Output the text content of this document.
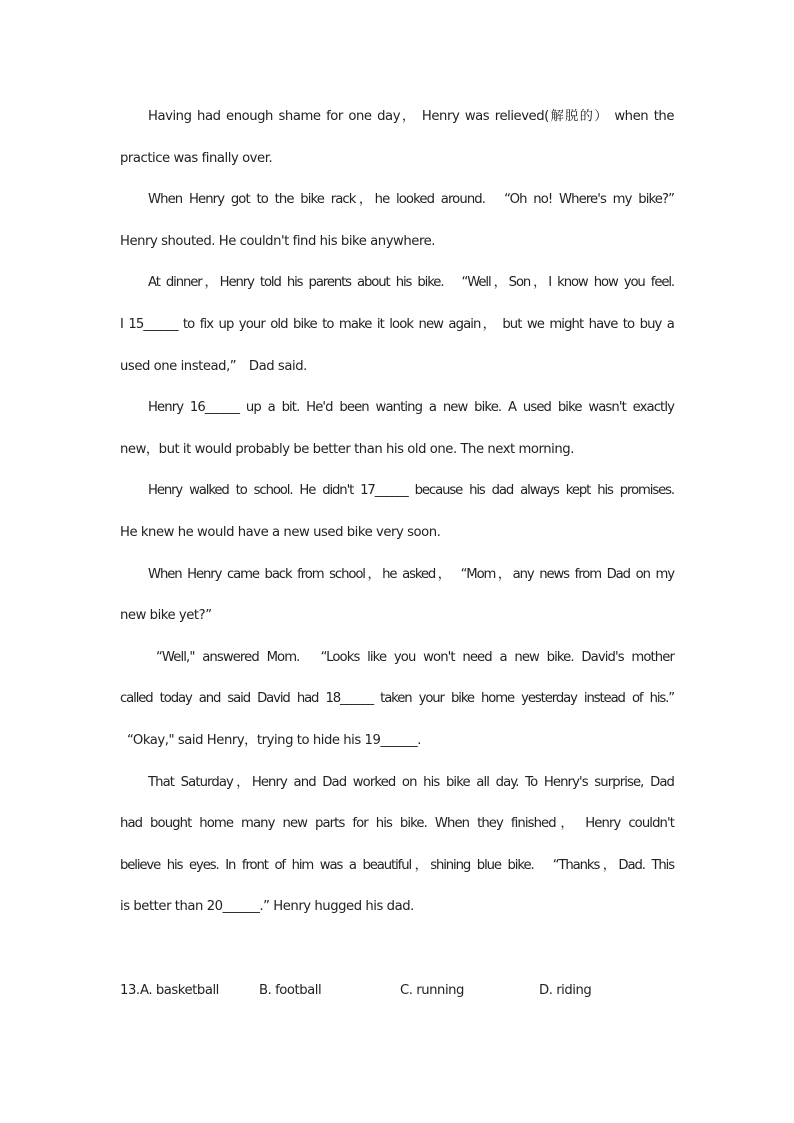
Having had enough shame for one day， Henry was relieved(解脱的） when the
practice was finally over.
When Henry got to the bike rack，he looked around.　“Oh no! Where's my bike?”
Henry shouted. He couldn't find his bike anywhere.
At dinner，Henry told his parents about his bike.　“Well，Son，I know how you feel.
I 15______ to fix up your old bike to make it look new again， but we might have to buy a
used one instead,”　Dad said.
Henry 16______ up a bit. He'd been wanting a new bike. A used bike wasn't exactly
new，but it would probably be better than his old one. The next morning.
Henry walked to school. He didn't 17______ because his dad always kept his promises.
He knew he would have a new used bike very soon.
When Henry came back from school，he asked，　“Mom，any news from Dad on my
new bike yet?”
“Well," answered Mom.　“Looks like you won't need a new bike. David's mother
called today and said David had 18______ taken your bike home yesterday instead of his.”
“Okay," said Henry，trying to hide his 19______.
That Saturday，Henry and Dad worked on his bike all day. To Henry's surprise, Dad
had bought home many new parts for his bike. When they finished， Henry couldn't
believe his eyes. In front of him was a beautiful，shining blue bike.　“Thanks，Dad. This
is better than 20______.” Henry hugged his dad.
13. A. basketball	B. football	C. running	D. riding
